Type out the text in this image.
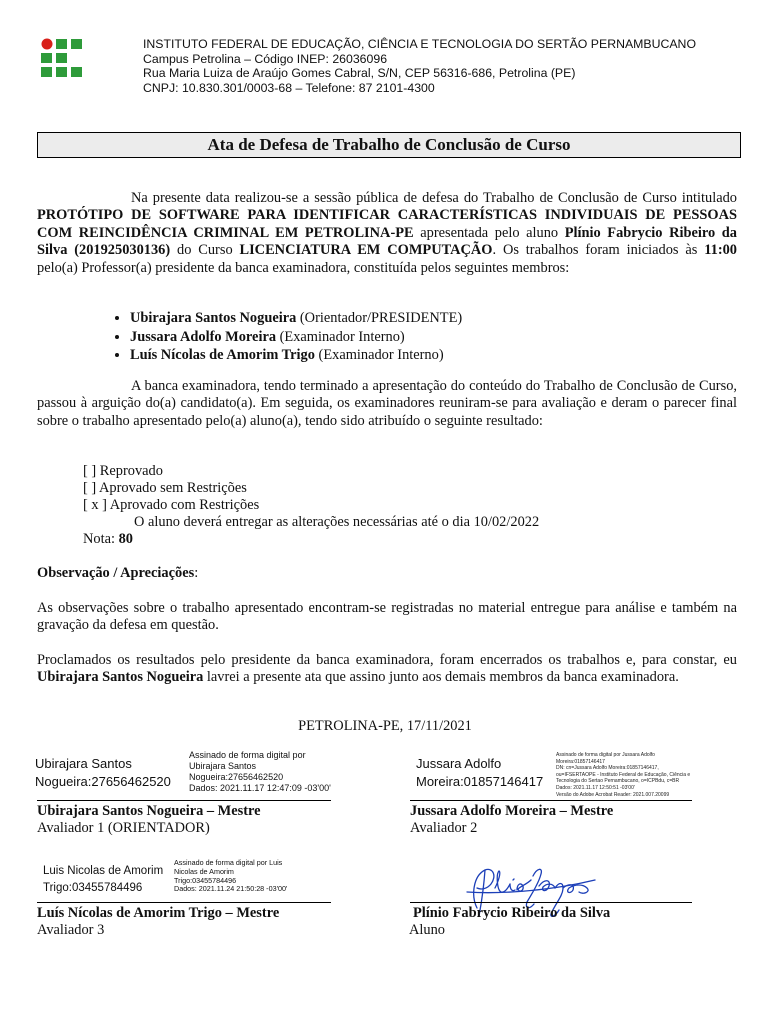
INSTITUTO FEDERAL DE EDUCAÇÃO, CIÊNCIA E TECNOLOGIA DO SERTÃO PERNAMBUCANO
Campus Petrolina – Código INEP: 26036096
Rua Maria Luiza de Araújo Gomes Cabral, S/N, CEP 56316-686, Petrolina (PE)
CNPJ: 10.830.301/0003-68 – Telefone: 87 2101-4300
Ata de Defesa de Trabalho de Conclusão de Curso
Na presente data realizou-se a sessão pública de defesa do Trabalho de Conclusão de Curso intitulado PROTÓTIPO DE SOFTWARE PARA IDENTIFICAR CARACTERÍSTICAS INDIVIDUAIS DE PESSOAS COM REINCIDÊNCIA CRIMINAL EM PETROLINA-PE apresentada pelo aluno Plínio Fabrycio Ribeiro da Silva (201925030136) do Curso LICENCIATURA EM COMPUTAÇÃO. Os trabalhos foram iniciados às 11:00 pelo(a) Professor(a) presidente da banca examinadora, constituída pelos seguintes membros:
• Ubirajara Santos Nogueira (Orientador/PRESIDENTE)
• Jussara Adolfo Moreira (Examinador Interno)
• Luís Nícolas de Amorim Trigo (Examinador Interno)
A banca examinadora, tendo terminado a apresentação do conteúdo do Trabalho de Conclusão de Curso, passou à arguição do(a) candidato(a). Em seguida, os examinadores reuniram-se para avaliação e deram o parecer final sobre o trabalho apresentado pelo(a) aluno(a), tendo sido atribuído o seguinte resultado:
[ ] Reprovado
[ ] Aprovado sem Restrições
[ x ] Aprovado com Restrições
O aluno deverá entregar as alterações necessárias até o dia 10/02/2022
Nota: 80
Observação / Apreciações:
As observações sobre o trabalho apresentado encontram-se registradas no material entregue para análise e também na gravação da defesa em questão.
Proclamados os resultados pelo presidente da banca examinadora, foram encerrados os trabalhos e, para constar, eu Ubirajara Santos Nogueira lavrei a presente ata que assino junto aos demais membros da banca examinadora.
PETROLINA-PE, 17/11/2021
Ubirajara Santos
Nogueira:27656462520
Assinado de forma digital por
Ubirajara Santos
Nogueira:27656462520
Dados: 2021.11.17 12:47:09 -03'00'
Ubirajara Santos Nogueira – Mestre
Avaliador 1 (ORIENTADOR)
Jussara Adolfo
Moreira:01857146417
Assinado de forma digital por Jussara Adolfo
Moreira:01857146417
DN: cn=Jussara Adolfo Moreira:01857146417,
ou=IFSERTAOPE - Instituto Federal de Educação, Ciência e
Tecnologia do Sertao Pernambucano, o=ICPBdu, c=BR
Dados: 2021.11.17 12:50:51 -03'00'
Versão do Adobe Acrobat Reader: 2021.007.20099
Jussara Adolfo Moreira – Mestre
Avaliador 2
Luis Nicolas de Amorim
Trigo:03455784496
Assinado de forma digital por Luis
Nicolas de Amorim
Trigo:03455784496
Dados: 2021.11.24 21:50:28 -03'00'
Luís Nícolas de Amorim Trigo – Mestre
Avaliador 3
Plínio Fabrycio Ribeiro da Silva
Aluno
